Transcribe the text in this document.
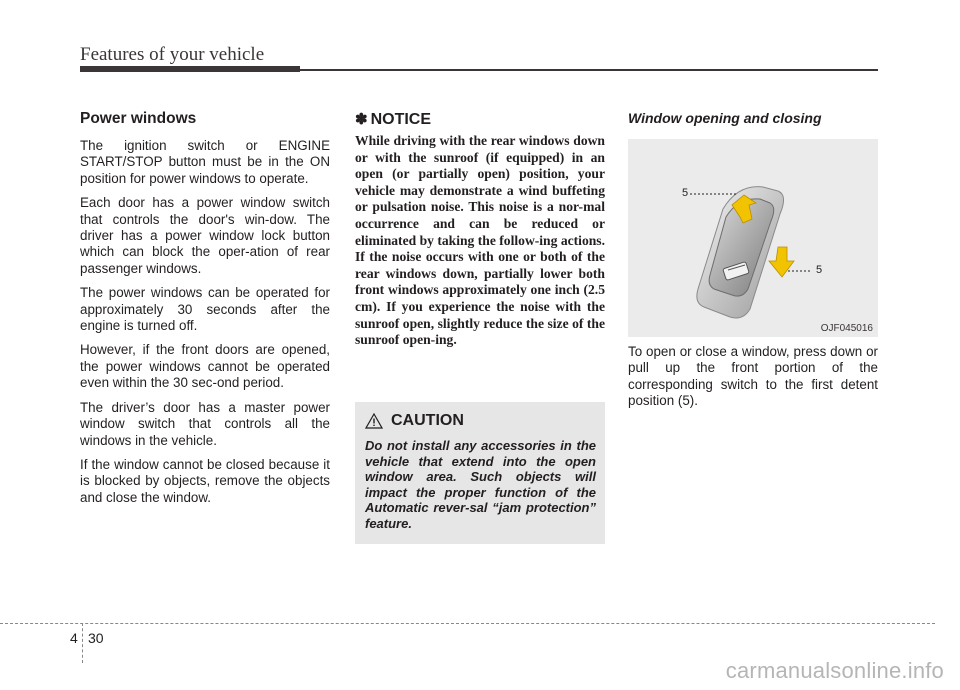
Features of your vehicle
Power windows

The ignition switch or ENGINE START/STOP button must be in the ON position for power windows to operate.

Each door has a power window switch that controls the door's win-dow. The driver has a power window lock button which can block the oper-ation of rear passenger windows.

The power windows can be operated for approximately 30 seconds after the engine is turned off.

However, if the front doors are opened, the power windows cannot be operated even within the 30 sec-ond period.

The driver’s door has a master power window switch that controls all the windows in the vehicle.

If the window cannot be closed because it is blocked by objects, remove the objects and close the window.

✽ NOTICE

While driving with the rear windows down or with the sunroof (if equipped) in an open (or partially open) position, your vehicle may demonstrate a wind buffeting or pulsation noise. This noise is a nor-mal occurrence and can be reduced or eliminated by taking the follow-ing actions. If the noise occurs with one or both of the rear windows down, partially lower both front windows approximately one inch (2.5 cm). If you experience the noise with the sunroof open, slightly reduce the size of the sunroof open-ing.

CAUTION

Do not install any accessories in the vehicle that extend into the open window area. Such objects will impact the proper function of the Automatic rever-sal “jam protection” feature.

Window opening and closing

To open or close a window, press down or pull up the front portion of the corresponding switch to the first detent position (5).

5
5
OJF045016
4 30
carmanualsonline.info
